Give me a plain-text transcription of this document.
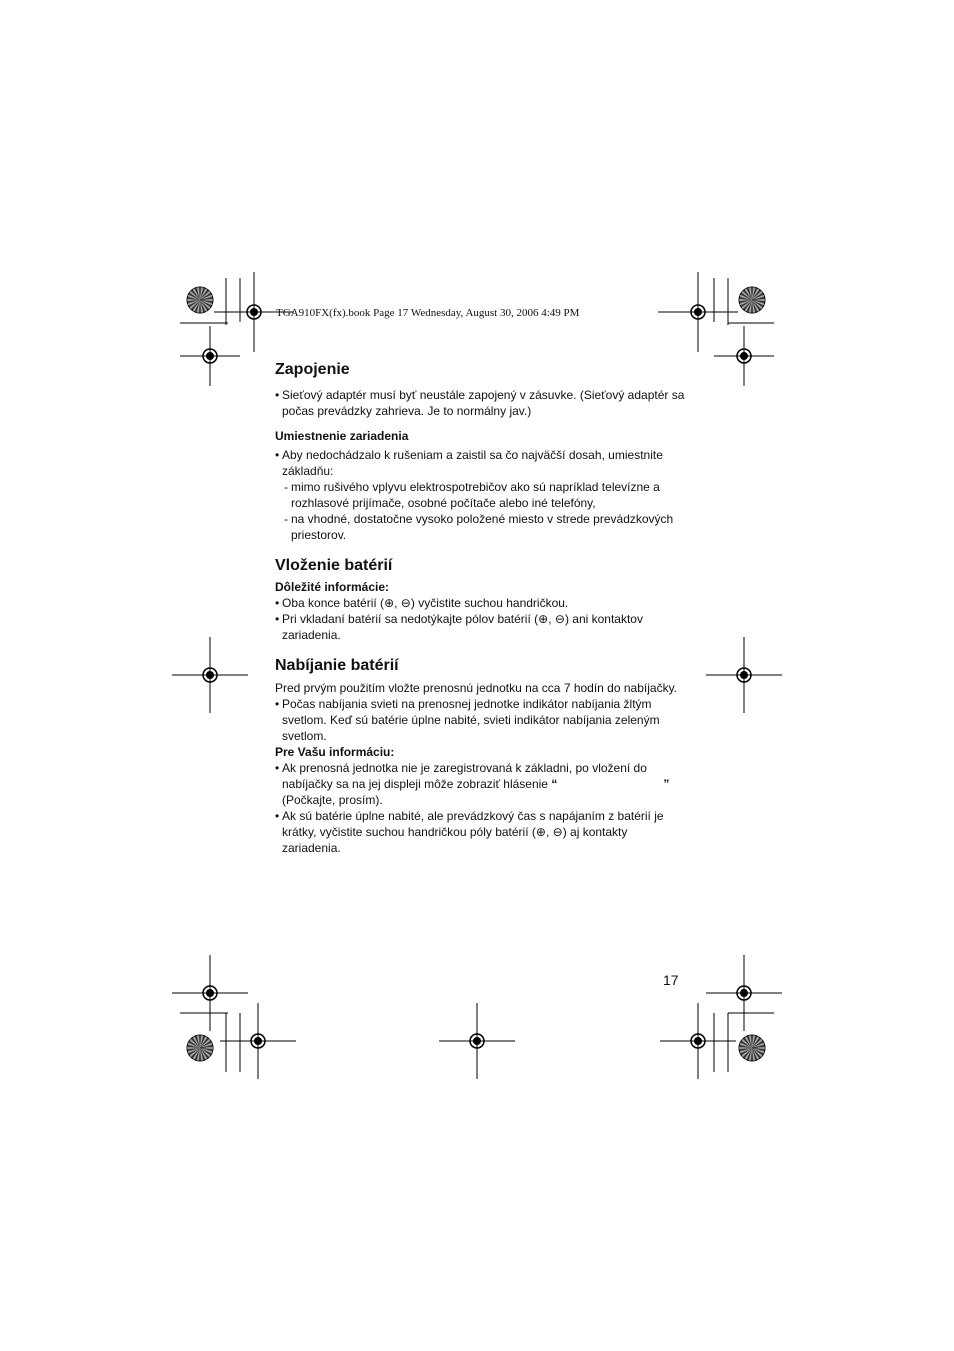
TGA910FX(fx).book Page 17 Wednesday, August 30, 2006 4:49 PM
Zapojenie

• Sieťový adaptér musí byť neustále zapojený v zásuvke. (Sieťový adaptér sa počas prevádzky zahrieva. Je to normálny jav.)

Umiestnenie zariadenia

• Aby nedochádzalo k rušeniam a zaistil sa čo najväčší dosah, umiestnite základňu:

- mimo rušivého vplyvu elektrospotrebičov ako sú napríklad televízne a rozhlasové prijímače, osobné počítače alebo iné telefóny,

- na vhodné, dostatočne vysoko položené miesto v strede prevádzkových priestorov.

Vloženie batérií
Dôležité informácie:

• Oba konce batérií (⊕, ⊖) vyčistite suchou handričkou.

• Pri vkladaní batérií sa nedotýkajte pólov batérií (⊕, ⊖) ani kontaktov zariadenia.

Nabíjanie batérií

Pred prvým použitím vložte prenosnú jednotku na cca 7 hodín do nabíjačky.

• Počas nabíjania svieti na prenosnej jednotke indikátor nabíjania žltým svetlom. Keď sú batérie úplne nabité, svieti indikátor nabíjania zeleným svetlom.

Pre Vašu informáciu:

• Ak prenosná jednotka nie je zaregistrovaná k základni, po vložení do nabíjačky sa na jej displeji môže zobraziť hlásenie “	”
(Počkajte, prosím).

• Ak sú batérie úplne nabité, ale prevádzkový čas s napájaním z batérií je krátky, vyčistite suchou handričkou póly batérií (⊕, ⊖) aj kontakty zariadenia.

17
